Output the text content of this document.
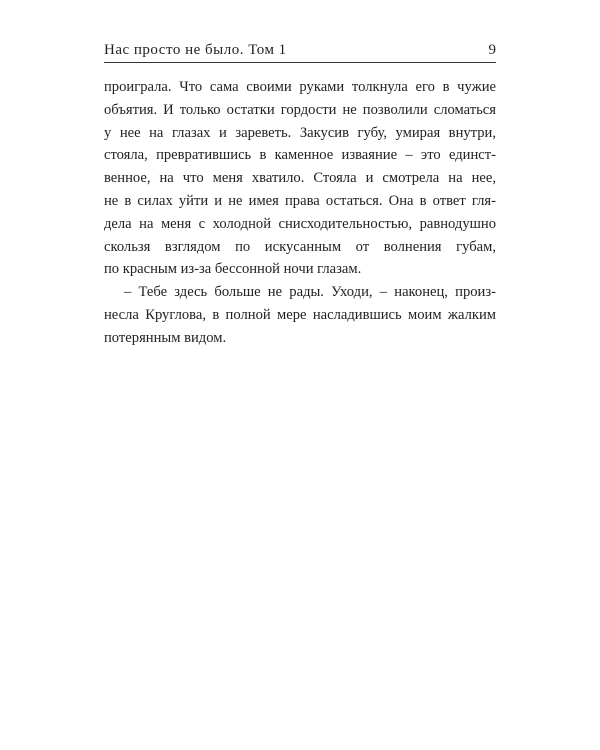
Нас просто не было. Том 1	9
проиграла. Что сама своими руками толкнула его в чужие
объятия. И только остатки гордости не позволили сломаться
у нее на глазах и зареветь. Закусив губу, умирая внутри,
стояла, превратившись в каменное изваяние – это единст-
венное, на что меня хватило. Стояла и смотрела на нее,
не в силах уйти и не имея права остаться. Она в ответ гля-
дела на меня с холодной снисходительностью, равнодушно
скользя взглядом по искусанным от волнения губам,
по красным из-за бессонной ночи глазам.
– Тебе здесь больше не рады. Уходи, – наконец, произ-
несла Круглова, в полной мере насладившись моим жалким
потерянным видом.
